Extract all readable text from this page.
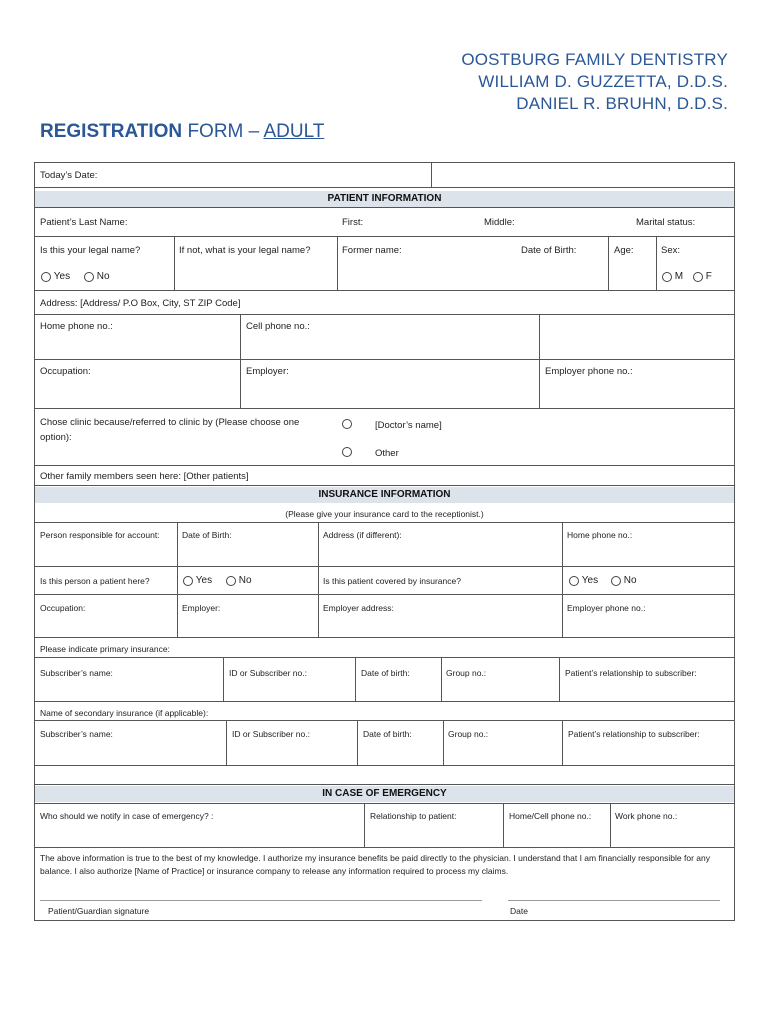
OOSTBURG FAMILY DENTISTRY
WILLIAM D. GUZZETTA, D.D.S.
DANIEL R. BRUHN, D.D.S.
REGISTRATION FORM – ADULT
Today’s Date:
PATIENT INFORMATION
Patient’s Last Name:	First:	Middle:	Marital status:
Is this your legal name?	If not, what is your legal name?	Former name:	Date of Birth:	Age:	Sex:
Yes	No	M	F
Address: [Address/ P.O Box, City, ST ZIP Code]
Home phone no.:	Cell phone no.:
Occupation:	Employer:	Employer phone no.:
Chose clinic because/referred to clinic by (Please choose one option):
[Doctor’s name]
Other
Other family members seen here: [Other patients]
INSURANCE INFORMATION
(Please give your insurance card to the receptionist.)
Person responsible for account:	Date of Birth:	Address (if different):	Home phone no.:
Is this person a patient here?	Yes	No	Is this patient covered by insurance?	Yes	No
Occupation:	Employer:	Employer address:	Employer phone no.:
Please indicate primary insurance:
Subscriber’s name:	ID or Subscriber no.:	Date of birth:	Group no.:	Patient’s relationship to subscriber:
Name of secondary insurance (if applicable):
Subscriber’s name:	ID or Subscriber no.:	Date of birth:	Group no.:	Patient’s relationship to subscriber:
IN CASE OF EMERGENCY
Who should we notify in case of emergency? :	Relationship to patient:	Home/Cell phone no.:	Work phone no.:
The above information is true to the best of my knowledge. I authorize my insurance benefits be paid directly to the physician. I understand that I am financially responsible for any balance. I also authorize [Name of Practice] or insurance company to release any information required to process my claims.
Patient/Guardian signature	Date
